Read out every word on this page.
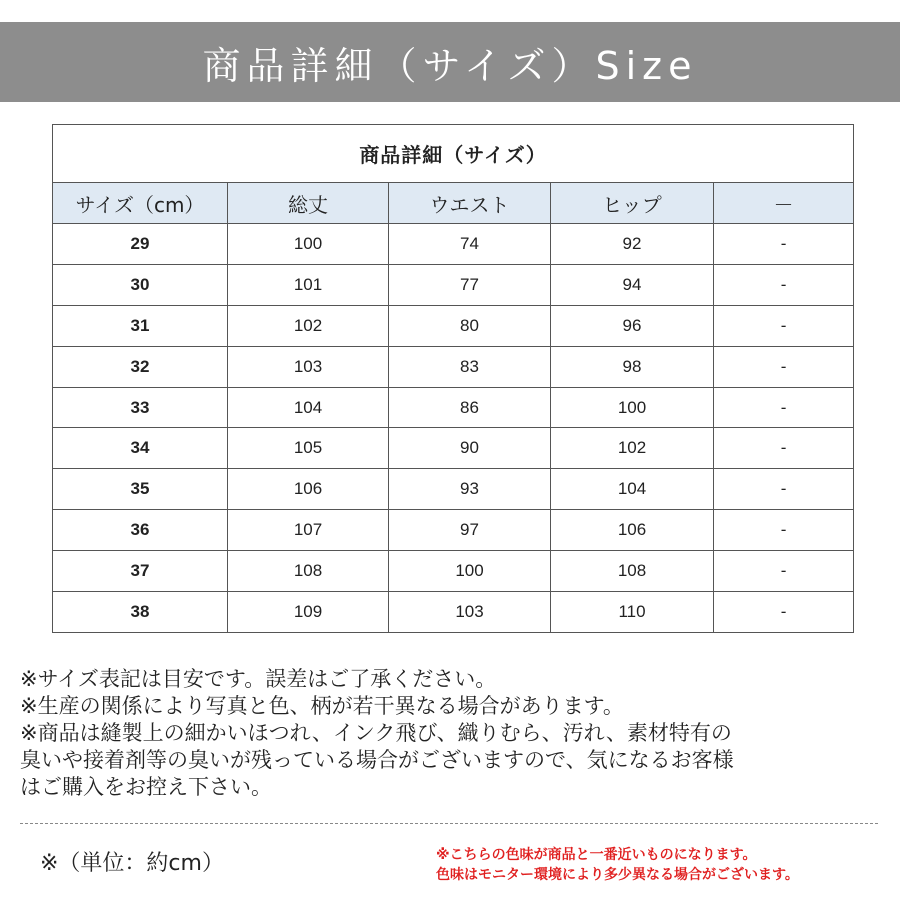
商品詳細（サイズ）Size
商品詳細（サイズ）				
サイズ（cm）	総丈	ウエスト	ヒップ	－
29	100	74	92	-
30	101	77	94	-
31	102	80	96	-
32	103	83	98	-
33	104	86	100	-
34	105	90	102	-
35	106	93	104	-
36	107	97	106	-
37	108	100	108	-
38	109	103	110	-

※サイズ表記は目安です。誤差はご了承ください。

※生産の関係により写真と色、柄が若干異なる場合があります。

※商品は縫製上の細かいほつれ、インク飛び、織りむら、汚れ、素材特有の

臭いや接着剤等の臭いが残っている場合がございますので、気になるお客様

はご購入をお控え下さい。

※（単位：約cm）	※こちらの色味が商品と一番近いものになります。

色味はモニター環境により多少異なる場合がございます。
